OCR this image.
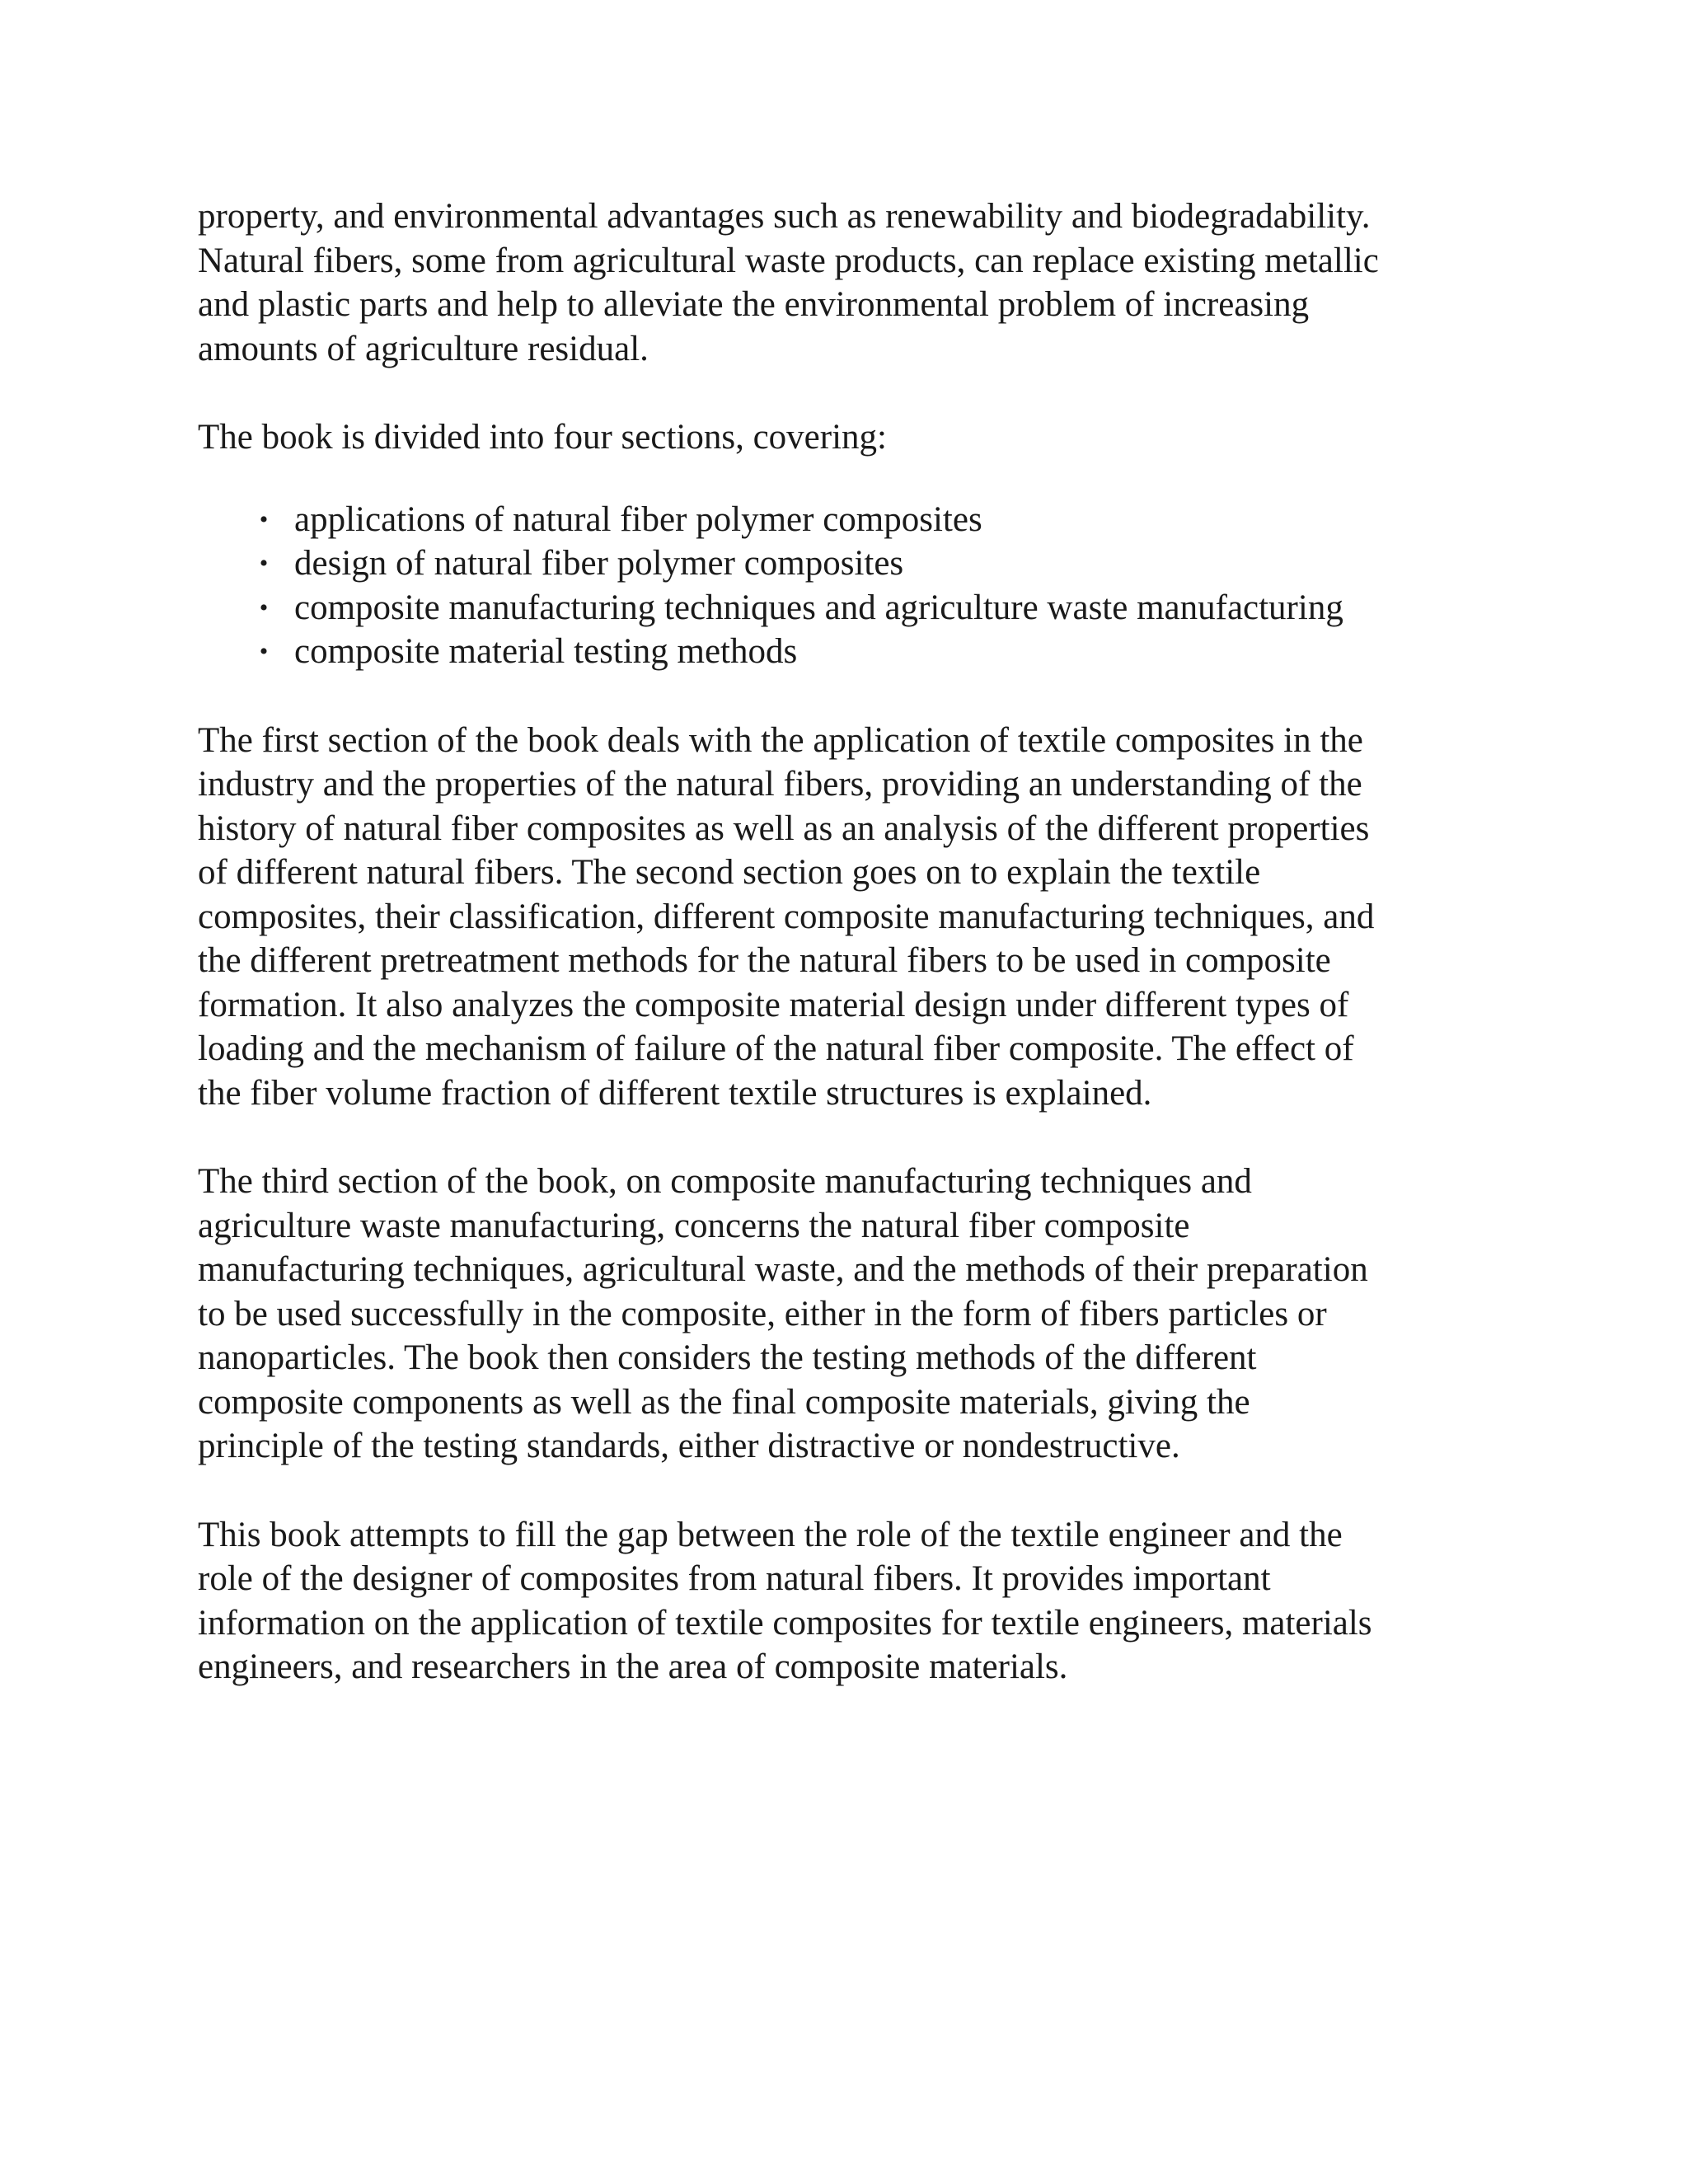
property, and environmental advantages such as renewability and biodegradability.
Natural fibers, some from agricultural waste products, can replace existing metallic
and plastic parts and help to alleviate the environmental problem of increasing
amounts of agriculture residual.
The book is divided into four sections, covering:
• applications of natural fiber polymer composites
• design of natural fiber polymer composites
• composite manufacturing techniques and agriculture waste manufacturing
• composite material testing methods
The first section of the book deals with the application of textile composites in the
industry and the properties of the natural fibers, providing an understanding of the
history of natural fiber composites as well as an analysis of the different properties
of different natural fibers. The second section goes on to explain the textile
composites, their classification, different composite manufacturing techniques, and
the different pretreatment methods for the natural fibers to be used in composite
formation. It also analyzes the composite material design under different types of
loading and the mechanism of failure of the natural fiber composite. The effect of
the fiber volume fraction of different textile structures is explained.
The third section of the book, on composite manufacturing techniques and
agriculture waste manufacturing, concerns the natural fiber composite
manufacturing techniques, agricultural waste, and the methods of their preparation
to be used successfully in the composite, either in the form of fibers particles or
nanoparticles. The book then considers the testing methods of the different
composite components as well as the final composite materials, giving the
principle of the testing standards, either distractive or nondestructive.
This book attempts to fill the gap between the role of the textile engineer and the
role of the designer of composites from natural fibers. It provides important
information on the application of textile composites for textile engineers, materials
engineers, and researchers in the area of composite materials.
